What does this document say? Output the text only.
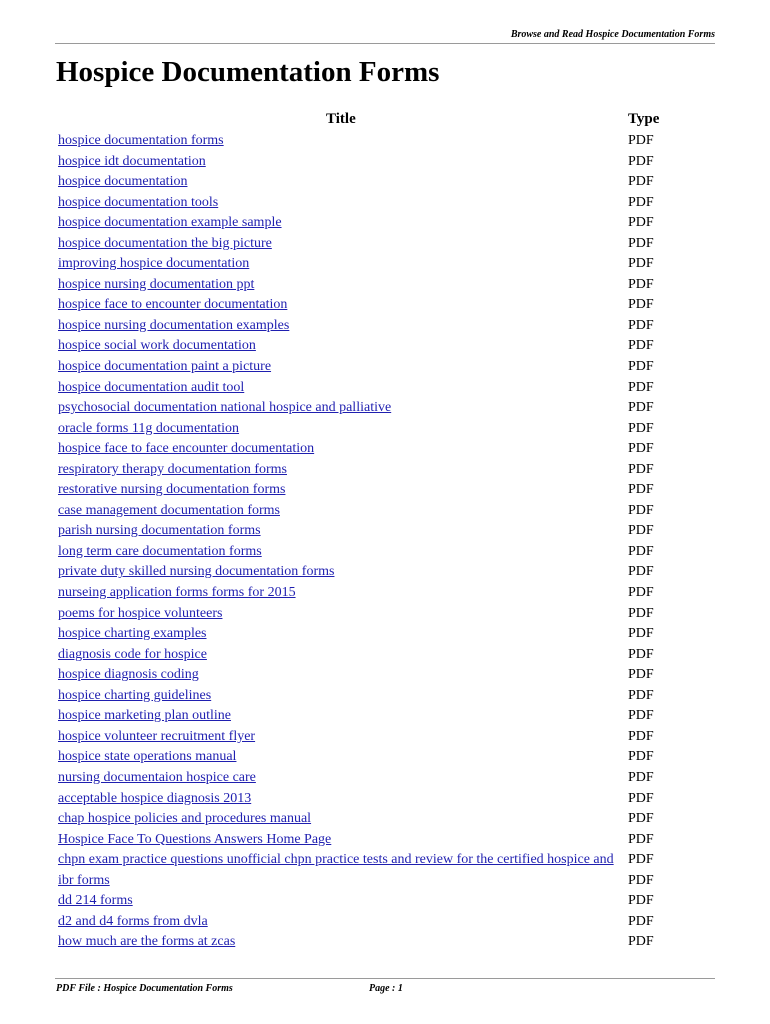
Browse and Read Hospice Documentation Forms
Hospice Documentation Forms
Title	Type
hospice documentation forms	PDF
hospice idt documentation	PDF
hospice documentation	PDF
hospice documentation tools	PDF
hospice documentation example sample	PDF
hospice documentation the big picture	PDF
improving hospice documentation	PDF
hospice nursing documentation ppt	PDF
hospice face to encounter documentation	PDF
hospice nursing documentation examples	PDF
hospice social work documentation	PDF
hospice documentation paint a picture	PDF
hospice documentation audit tool	PDF
psychosocial documentation national hospice and palliative	PDF
oracle forms 11g documentation	PDF
hospice face to face encounter documentation	PDF
respiratory therapy documentation forms	PDF
restorative nursing documentation forms	PDF
case management documentation forms	PDF
parish nursing documentation forms	PDF
long term care documentation forms	PDF
private duty skilled nursing documentation forms	PDF
nurseing application forms forms for 2015	PDF
poems for hospice volunteers	PDF
hospice charting examples	PDF
diagnosis code for hospice	PDF
hospice diagnosis coding	PDF
hospice charting guidelines	PDF
hospice marketing plan outline	PDF
hospice volunteer recruitment flyer	PDF
hospice state operations manual	PDF
nursing documentaion hospice care	PDF
acceptable hospice diagnosis 2013	PDF
chap hospice policies and procedures manual	PDF
Hospice Face To Questions Answers Home Page	PDF
chpn exam practice questions unofficial chpn practice tests and review for the certified hospice and PDF
ibr forms	PDF
dd 214 forms	PDF
d2 and d4 forms from dvla	PDF
how much are the forms at zcas	PDF
PDF File : Hospice Documentation Forms	Page : 1
